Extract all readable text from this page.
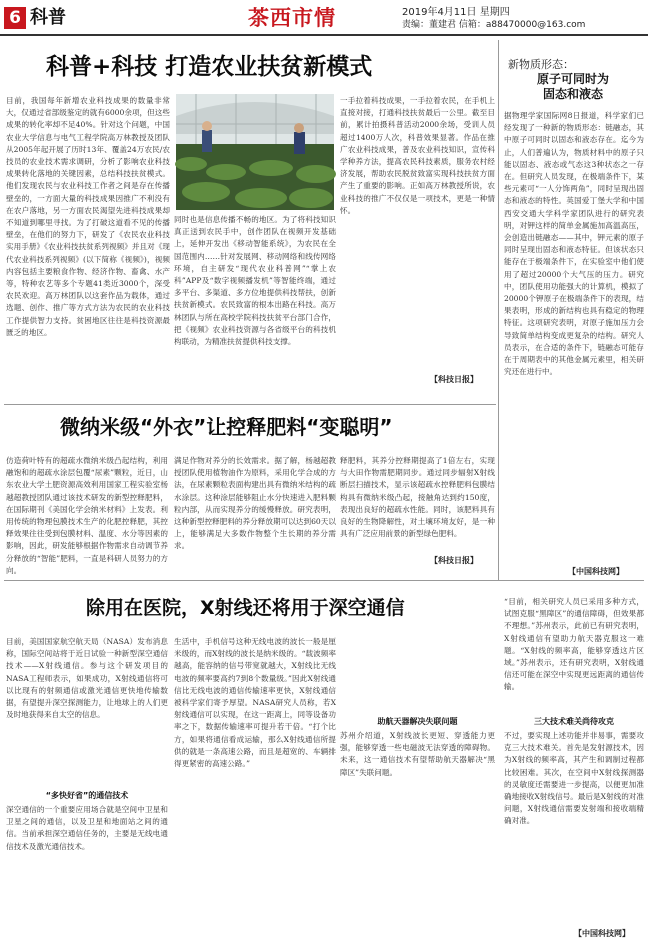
6 科普	茶西市情	2019年4月11日 星期四
责编：董建君 信箱：a88470000@163.com
科普+科技 打造农业扶贫新模式
目前，我国每年新增农业科技成果的数量非常大，仅通过省部级鉴定的就有6000余项，但这些成果的转化率却不足40%。针对这个问题，中国农业大学信息与电气工程学院高万林教授及团队从2005年起开展了历时13年、覆盖24万农民/农技员的农业技术需求调研，分析了影响农业科技成果转化落地的关键因素，总结科技扶贫模式。他们发现农民与农业科技工作者之间是存在传播壁垒的，一方面大量的科技成果因推广不利没有在农户落地，另一方面农民渴望先进科技成果却不知道到哪里寻找。为了打破这道看不见的传播壁垒，在他们的努力下，研发了《农民农业科技实用手册》《农业科技扶贫系列视频》并且对《现代农业科技系列视频》(以下简称《视频》)，视频内容包括主要粮食作物、经济作物、畜禽、水产等，特种农艺等多个专题41类近3000个，深受农民欢迎。高万林团队以这套作品为载体，通过选题、创作、推广等方式方法为农民的农业科技工作提供智力支持。贫困地区往往是科技资源最匮乏的地区。
同时也是信息传播不畅的地区。为了将科技知识真正送到农民手中，创作团队在视频开发基础上，延伸开发出《移动智能系统》，为农民在全国范围内……针对发展网、移动网络和线传网络环境，自主研发“现代农业科普网”“掌上农科”APP及“数字视频播发机”等智能终端，通过多平台、多渠道、多方位地提供科技帮扶，创新扶贫新模式。农民致富的根本出路在科技。高万林团队与所在高校学院科技扶贫平台部门合作，把《视频》农业科技资源与各省级平台的科技机构联动，为精准扶贫提供科技支撑。
一手拉着科技成果，一手拉着农民，在手机上直接对接，打通科技扶贫最后一公里。截至目前，累计拍摄科普活动2000余场，受训人员超过1400万人次，科普效果显著。作品在推广农业科技成果，普及农业科技知识，宣传科学种养方法，提高农民科技素质，服务农村经济发展，帮助农民脱贫致富实现科技扶贫方面产生了重要的影响。正如高万林教授所说，农业科技的推广不仅仅是一项技术，更是一种情怀。
【科技日报】
新物质形态：
原子可同时为
固态和液态
据物理学家国际网8日报道，科学家们已经发现了一种新的物质形态：链融态，其中原子可同时以固态和液态存在。迄今为止，人们普遍认为，物质材料中的原子只能以固态、液态或气态这3种状态之一存在。但研究人员发现，在极端条件下，某些元素可“一人分饰两角”，同时呈现出固态和液态的特性。英国爱丁堡大学和中国西安交通大学科学家团队进行的研究表明，对钾这样的简单金属施加高温高压，会创造出链融态——其中，钾元素的原子同时呈现出固态和液态特征。但该状态只能存在于极端条件下，在实验室中他们使用了超过20000个大气压的压力。研究中，团队使用功能强大的计算机，模拟了20000个钾原子在极端条件下的表现，结果表明，形成的新结构也具有稳定的物理特征。这项研究表明，对原子施加压力会导致简单结构变成更复杂的结构。研究人员表示，在合适的条件下，链融态可能存在于周期表中的其他金属元素里，相关研究还在进行中。
【中国科技网】
微纳米级“外衣”让控释肥料“变聪明”
仿造荷叶特有的超疏水微纳米级凸起结构，利用融饱和的超疏水涂层包覆“尿素”颗粒，近日，山东农业大学土肥资源高效利用国家工程实验室杨越超教授团队通过该技术研发的新型控释肥料，在国际期刊《美国化学会纳米材料》上发表。利用传统的物理包膜技术生产的化肥控释肥，其控释效果往往受到包膜材料、温度、水分等因素的影响，因此，研发能够根据作物需求自动调节养分释放的“智能”肥料，一直是科研人员努力的方向。
满足作物对养分的长效需求。据了解，杨越超教授团队使用植物油作为原料，采用化学合成的方法，在尿素颗粒表面构建出具有微纳米结构的疏水涂层。这种涂层能够阻止水分快速进入肥料颗粒内部，从而实现养分的缓慢释放。研究表明，这种新型控释肥料的养分释放期可以达到60天以上，能够满足大多数作物整个生长期的养分需求。
释肥料，其养分控释期提高了1倍左右，实现与大田作物需肥期同步。通过同步辐射X射线断层扫描技术，显示该超疏水控释肥料包膜结构具有微纳米级凸起，接触角达到约150度，表现出良好的超疏水性能。同时，该肥料具有良好的生物降解性，对土壤环境友好，是一种具有广泛应用前景的新型绿色肥料。
【科技日报】
除用在医院，X射线还将用于深空通信
目前，美国国家航空航天局（NASA）发布消息称，国际空间站将于近日试验一种新型深空通信技术——X射线通信。参与这个研发项目的NASA工程师表示，如果成功，X射线通信将可以比现有的射频通信或激光通信更快地传输数据，有望提升深空探测能力，让地球上的人们更及时地获得来自太空的信息。
“多快好省”的通信技术
深空通信的一个重要应用场合就是空间中卫星和卫星之间的通信，以及卫星和地面站之间的通信。当前承担深空通信任务的，主要是无线电通信技术及激光通信技术。
生活中，手机信号这种无线电波的波长一般是厘米级的，而X射线的波长是纳米级的。“载波频率越高，能容纳的信号带宽就越大，X射线比无线电波的频率要高约7到8个数量级。”因此X射线通信比无线电波的通信传输速率更快，X射线通信被科学家们寄予厚望。NASA研究人员称，若X射线通信可以实现，在这一距离上，同等设备功率之下，数据传输速率可提升若干倍。“打个比方，如果将通信看成运输，那么X射线通信所提供的就是一条高速公路，而且是超宽的、车辆排得更紧密的高速公路。”
助航天器解决失联问题
苏州介绍道，X射线波长更短、穿透能力更强，能够穿透一些电磁波无法穿透的障碍物。未来，这一通信技术有望帮助航天器解决“黑障区”失联问题。
“目前，相关研究人员已采用多种方式，试图克服“黑障区”的通信障碍，但效果都不理想。”苏州表示，此前已有研究表明，X射线通信有望助力航天器克服这一难题。“X射线的频率高，能够穿透这片区域。”苏州表示，还有研究表明，X射线通信还可能在深空中实现更远距离的通信传输。
三大技术难关尚待攻克
不过，要实现上述功能并非易事，需要攻克三大技术难关。首先是发射源技术，因为X射线的频率高，其产生和调制过程都比较困难。其次，在空间中X射线探测器的灵敏度还需要进一步提高，以便更加准确地接收X射线信号。最后是X射线的对准问题，X射线通信需要发射端和接收端精确对准。
【中国科技网】
